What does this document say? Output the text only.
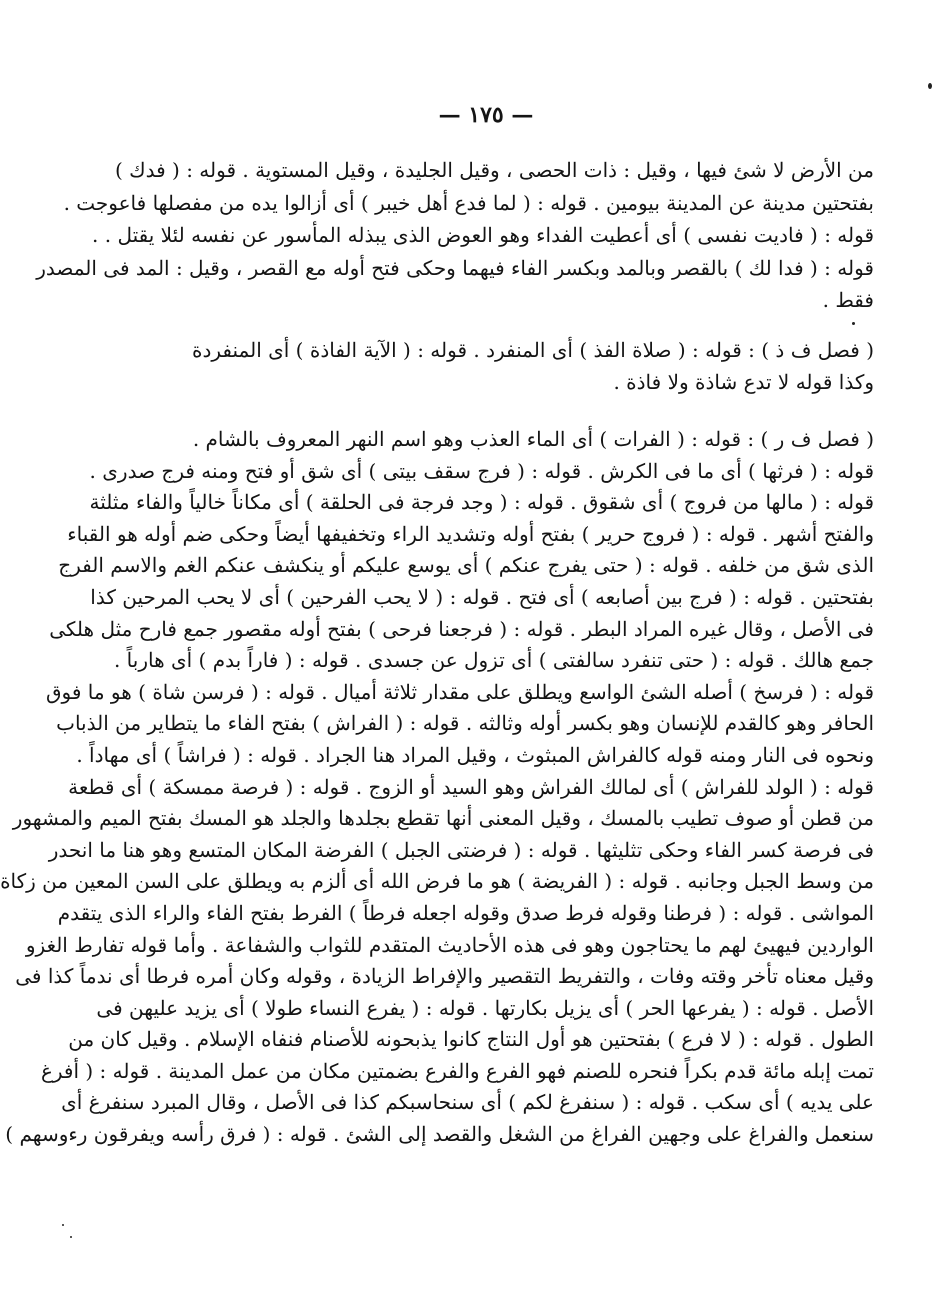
— ١٧٥ —
من الأرض لا شئ فيها ، وقيل : ذات الحصى ، وقيل الجليدة ، وقيل المستوية . قوله : ( فدك )
بفتحتين مدينة عن المدينة بيومين . قوله : ( لما فدع أهل خيبر ) أى أزالوا يده من مفصلها فاعوجت .
قوله : ( فاديت نفسى ) أى أعطيت الفداء وهو العوض الذى يبذله المأسور عن نفسه لئلا يقتل . .
قوله : ( فدا لك ) بالقصر وبالمد وبكسر الفاء فيهما وحكى فتح أوله مع القصر ، وقيل : المد فى المصدر
فقط .
( فصل ف ذ ) : قوله : ( صلاة الفذ ) أى المنفرد . قوله : ( الآية الفاذة ) أى المنفردة
وكذا قوله لا تدع شاذة ولا فاذة .
( فصل ف ر ) : قوله : ( الفرات ) أى الماء العذب وهو اسم النهر المعروف بالشام .
قوله : ( فرثها ) أى ما فى الكرش . قوله : ( فرج سقف بيتى ) أى شق أو فتح ومنه فرج صدرى .
قوله : ( مالها من فروج ) أى شقوق . قوله : ( وجد فرجة فى الحلقة ) أى مكاناً خالياً والفاء مثلثة
والفتح أشهر . قوله : ( فروج حرير ) بفتح أوله وتشديد الراء وتخفيفها أيضاً وحكى ضم أوله هو القباء
الذى شق من خلفه . قوله : ( حتى يفرج عنكم ) أى يوسع عليكم أو ينكشف عنكم الغم والاسم الفرج
بفتحتين . قوله : ( فرج بين أصابعه ) أى فتح . قوله : ( لا يحب الفرحين ) أى لا يحب المرحين كذا
فى الأصل ، وقال غيره المراد البطر . قوله : ( فرجعنا فرحى ) بفتح أوله مقصور جمع فارح مثل هلكى
جمع هالك . قوله : ( حتى تنفرد سالفتى ) أى تزول عن جسدى . قوله : ( فاراً بدم ) أى هارباً .
قوله : ( فرسخ ) أصله الشئ الواسع ويطلق على مقدار ثلاثة أميال . قوله : ( فرسن شاة ) هو ما فوق
الحافر وهو كالقدم للإنسان وهو بكسر أوله وثالثه . قوله : ( الفراش ) بفتح الفاء ما يتطاير من الذباب
ونحوه فى النار ومنه قوله كالفراش المبثوث ، وقيل المراد هنا الجراد . قوله : ( فراشاً ) أى مهاداً .
قوله : ( الولد للفراش ) أى لمالك الفراش وهو السيد أو الزوج . قوله : ( فرصة ممسكة ) أى قطعة
من قطن أو صوف تطيب بالمسك ، وقيل المعنى أنها تقطع بجلدها والجلد هو المسك بفتح الميم والمشهور
فى فرصة كسر الفاء وحكى تثليثها . قوله : ( فرضتى الجبل ) الفرضة المكان المتسع وهو هنا ما انحدر
من وسط الجبل وجانبه . قوله : ( الفريضة ) هو ما فرض الله أى ألزم به ويطلق على السن المعين من زكاة
المواشى . قوله : ( فرطنا وقوله فرط صدق وقوله اجعله فرطاً ) الفرط بفتح الفاء والراء الذى يتقدم
الواردين فيهيئ لهم ما يحتاجون وهو فى هذه الأحاديث المتقدم للثواب والشفاعة . وأما قوله تفارط الغزو
وقيل معناه تأخر وقته وفات ، والتفريط التقصير والإفراط الزيادة ، وقوله وكان أمره فرطا أى ندماً كذا فى
الأصل . قوله : ( يفرعها الحر ) أى يزيل بكارتها . قوله : ( يفرع النساء طولا ) أى يزيد عليهن فى
الطول . قوله : ( لا فرع ) بفتحتين هو أول النتاج كانوا يذبحونه للأصنام فنفاه الإسلام . وقيل كان من
تمت إبله مائة قدم بكراً فنحره للصنم فهو الفرع والفرع بضمتين مكان من عمل المدينة . قوله : ( أفرغ
على يديه ) أى سكب . قوله : ( سنفرغ لكم ) أى سنحاسبكم كذا فى الأصل ، وقال المبرد سنفرغ أى
سنعمل والفراغ على وجهين الفراغ من الشغل والقصد إلى الشئ . قوله : ( فرق رأسه ويفرقون رءوسهم )
